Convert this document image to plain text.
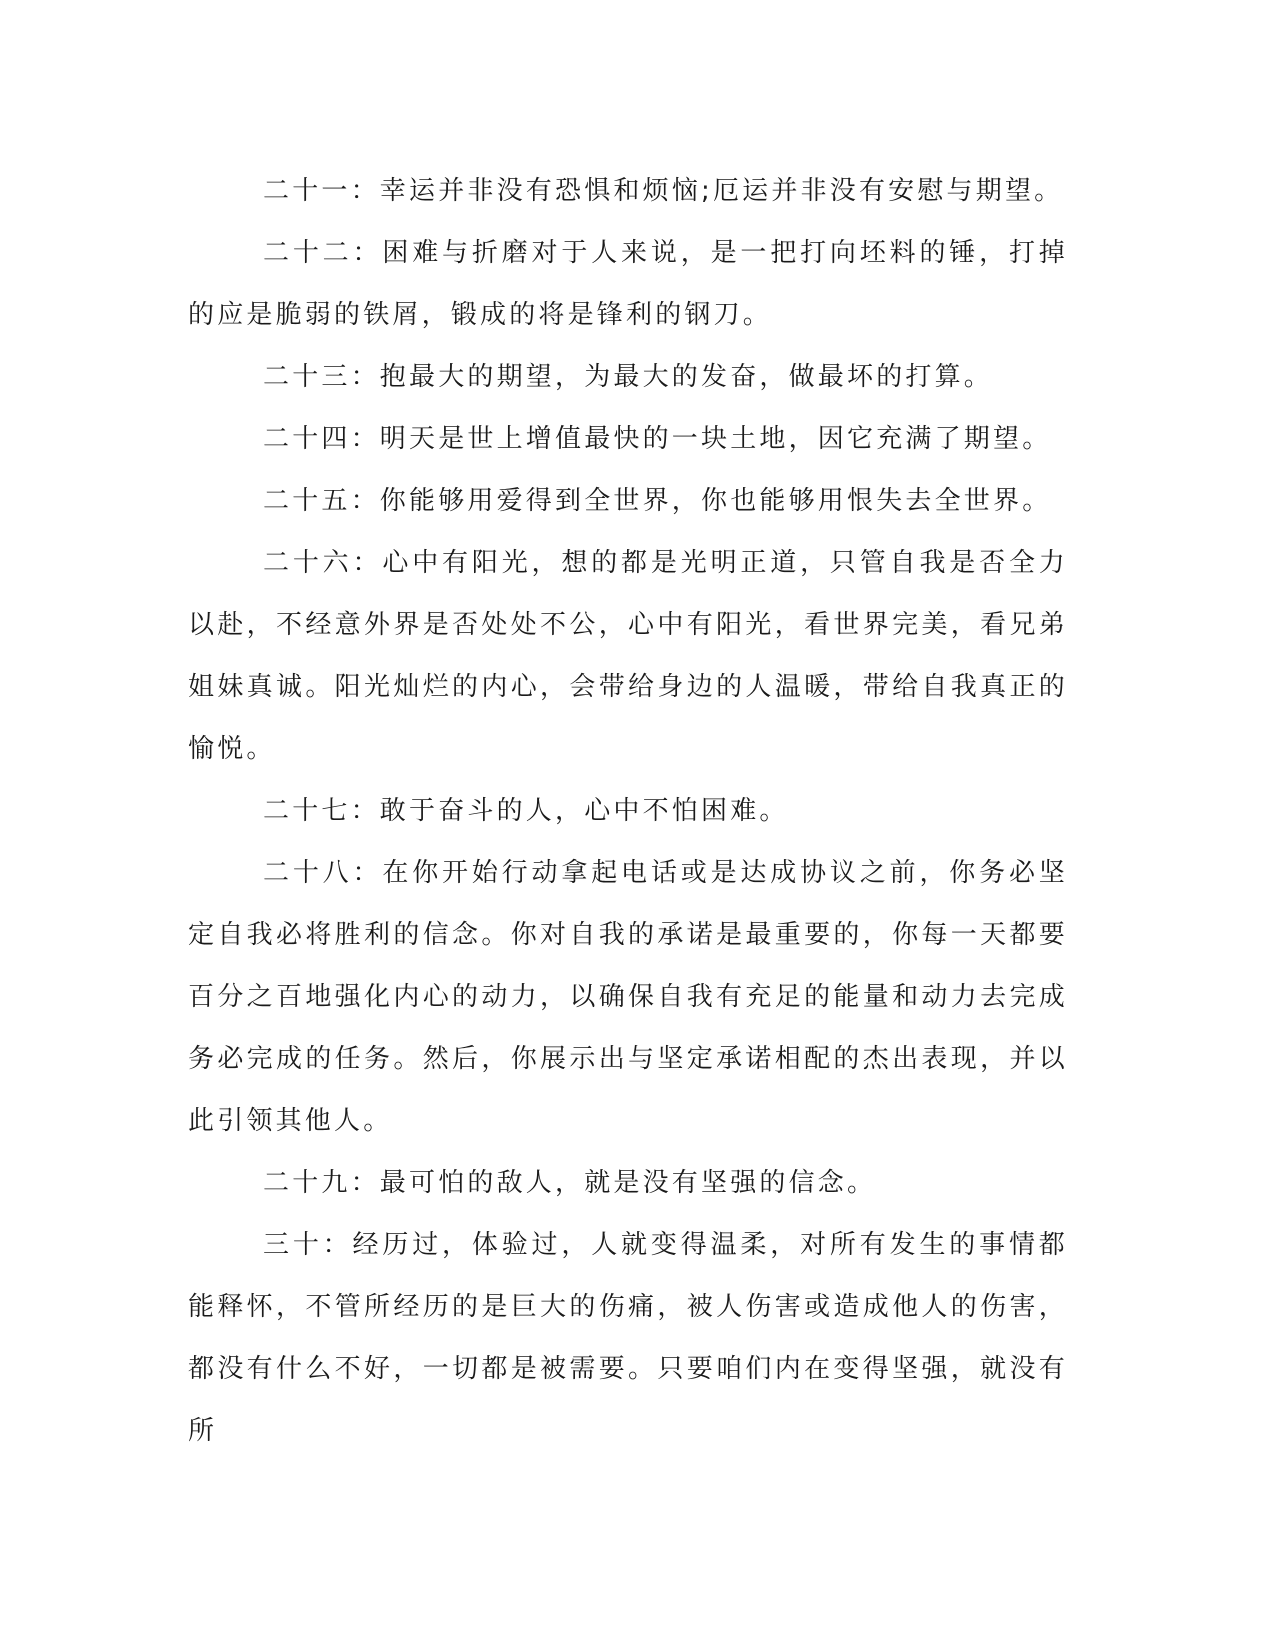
二十一：幸运并非没有恐惧和烦恼;厄运并非没有安慰与期望。

二十二：困难与折磨对于人来说，是一把打向坯料的锤，打掉的应是脆弱的铁屑，锻成的将是锋利的钢刀。

二十三：抱最大的期望，为最大的发奋，做最坏的打算。

二十四：明天是世上增值最快的一块土地，因它充满了期望。

二十五：你能够用爱得到全世界，你也能够用恨失去全世界。

二十六：心中有阳光，想的都是光明正道，只管自我是否全力以赴，不经意外界是否处处不公，心中有阳光，看世界完美，看兄弟姐妹真诚。阳光灿烂的内心，会带给身边的人温暖，带给自我真正的愉悦。

二十七：敢于奋斗的人，心中不怕困难。

二十八：在你开始行动拿起电话或是达成协议之前，你务必坚定自我必将胜利的信念。你对自我的承诺是最重要的，你每一天都要百分之百地强化内心的动力，以确保自我有充足的能量和动力去完成务必完成的任务。然后，你展示出与坚定承诺相配的杰出表现，并以此引领其他人。

二十九：最可怕的敌人，就是没有坚强的信念。

三十：经历过，体验过，人就变得温柔，对所有发生的事情都能释怀，不管所经历的是巨大的伤痛，被人伤害或造成他人的伤害，都没有什么不好，一切都是被需要。只要咱们内在变得坚强，就没有所
